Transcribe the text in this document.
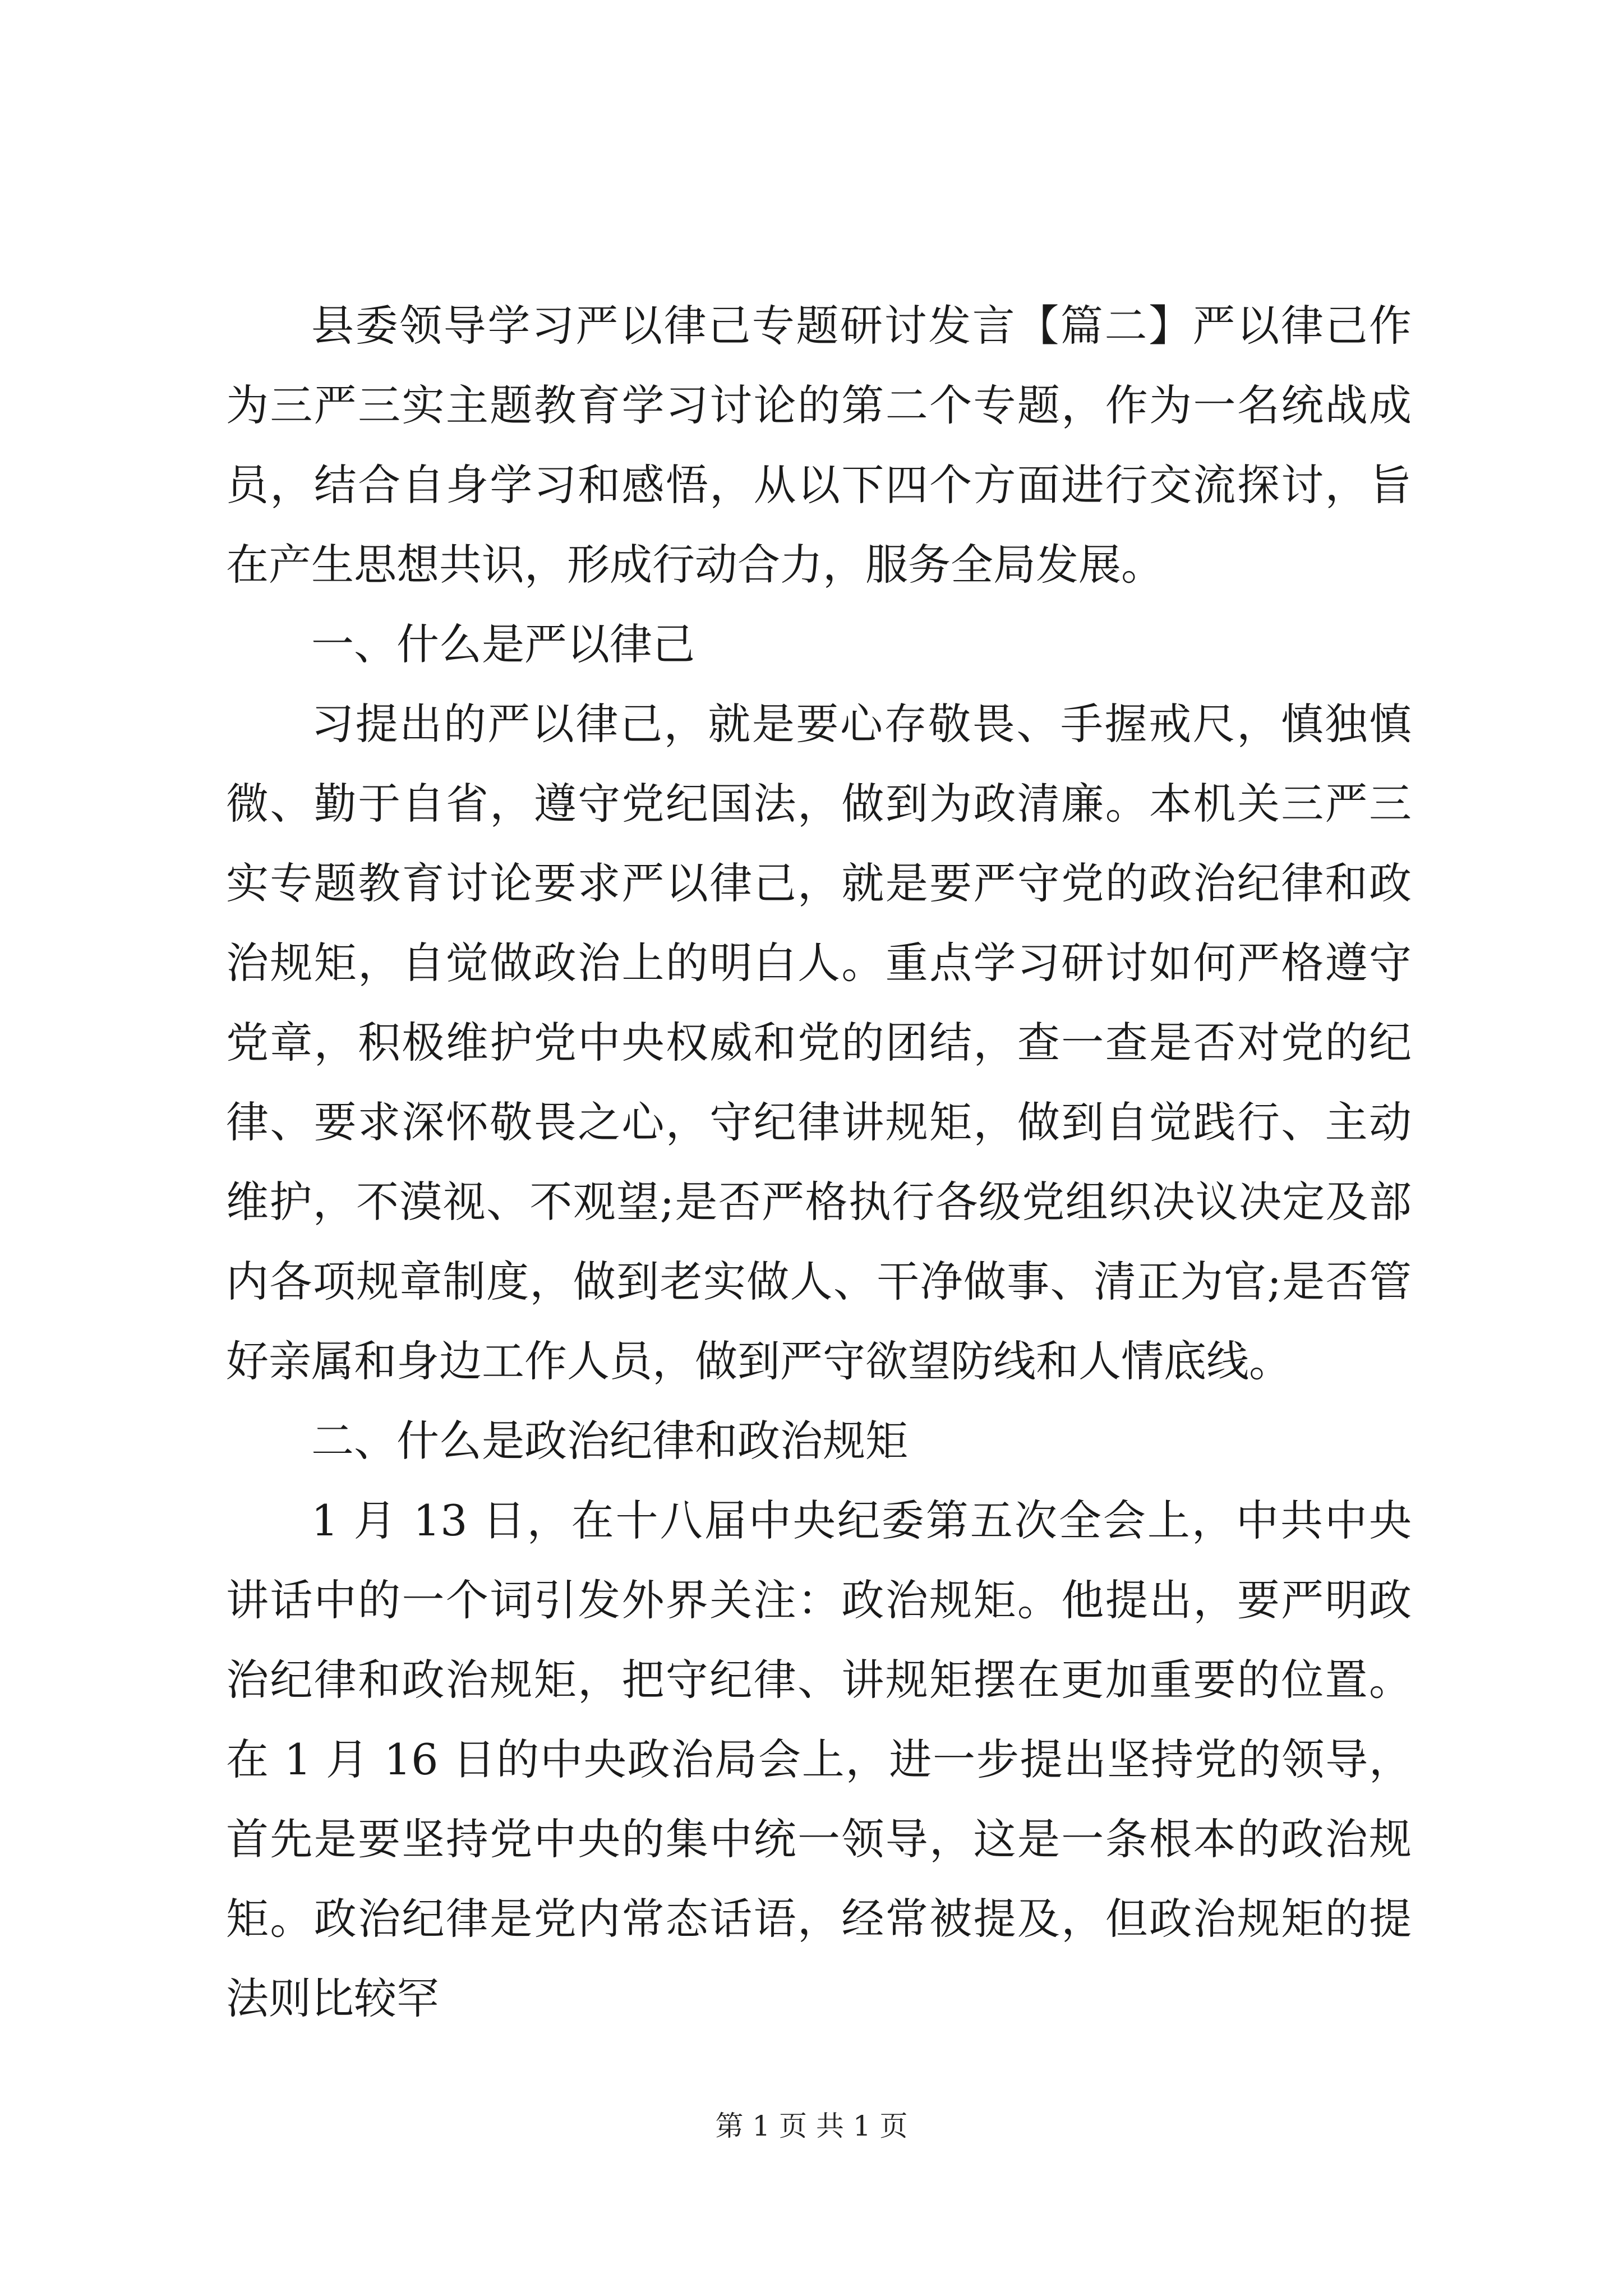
县委领导学习严以律己专题研讨发言【篇二】严以律己作为三严三实主题教育学习讨论的第二个专题，作为一名统战成员，结合自身学习和感悟，从以下四个方面进行交流探讨，旨在产生思想共识，形成行动合力，服务全局发展。

一、什么是严以律己

习提出的严以律己，就是要心存敬畏、手握戒尺，慎独慎微、勤于自省，遵守党纪国法，做到为政清廉。本机关三严三实专题教育讨论要求严以律己，就是要严守党的政治纪律和政治规矩，自觉做政治上的明白人。重点学习研讨如何严格遵守党章，积极维护党中央权威和党的团结，查一查是否对党的纪律、要求深怀敬畏之心，守纪律讲规矩，做到自觉践行、主动维护，不漠视、不观望;是否严格执行各级党组织决议决定及部内各项规章制度，做到老实做人、干净做事、清正为官;是否管好亲属和身边工作人员，做到严守欲望防线和人情底线。

二、什么是政治纪律和政治规矩

1 月 13 日，在十八届中央纪委第五次全会上，中共中央讲话中的一个词引发外界关注：政治规矩。他提出，要严明政治纪律和政治规矩，把守纪律、讲规矩摆在更加重要的位置。在 1 月 16 日的中央政治局会上，进一步提出坚持党的领导，首先是要坚持党中央的集中统一领导，这是一条根本的政治规矩。政治纪律是党内常态话语，经常被提及，但政治规矩的提法则比较罕

第 1 页 共 1 页
